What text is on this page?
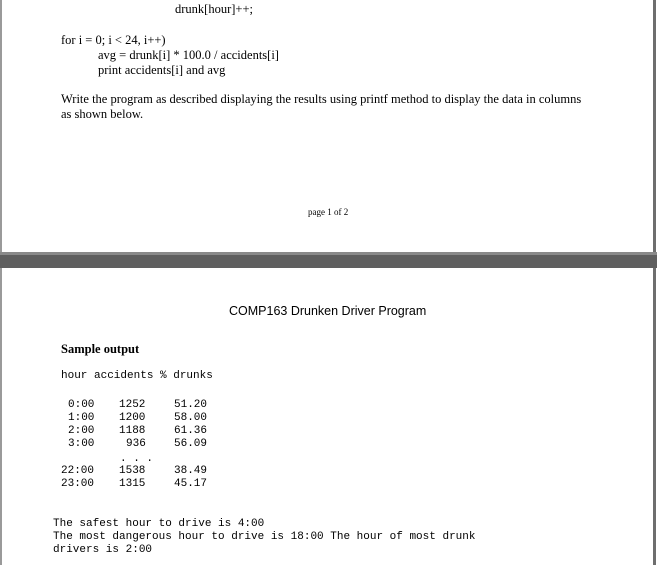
drunk[hour]++;
for i = 0; i < 24, i++)
avg = drunk[i] * 100.0 / accidents[i]
print accidents[i] and avg
Write the program as described displaying the results using printf method to display the data in columns
as shown below.
page 1 of 2
COMP163 Drunken Driver Program
Sample output
hour accidents % drunks
0:00 1252	51.20
1:00 1200	58.00
2:00 1188	61.36
3:00	936	56.09
. . .
22:00 1538	38.49
23:00 1315	45.17
The safest hour to drive is 4:00
The most dangerous hour to drive is 18:00 The hour of most drunk
drivers is 2:00
